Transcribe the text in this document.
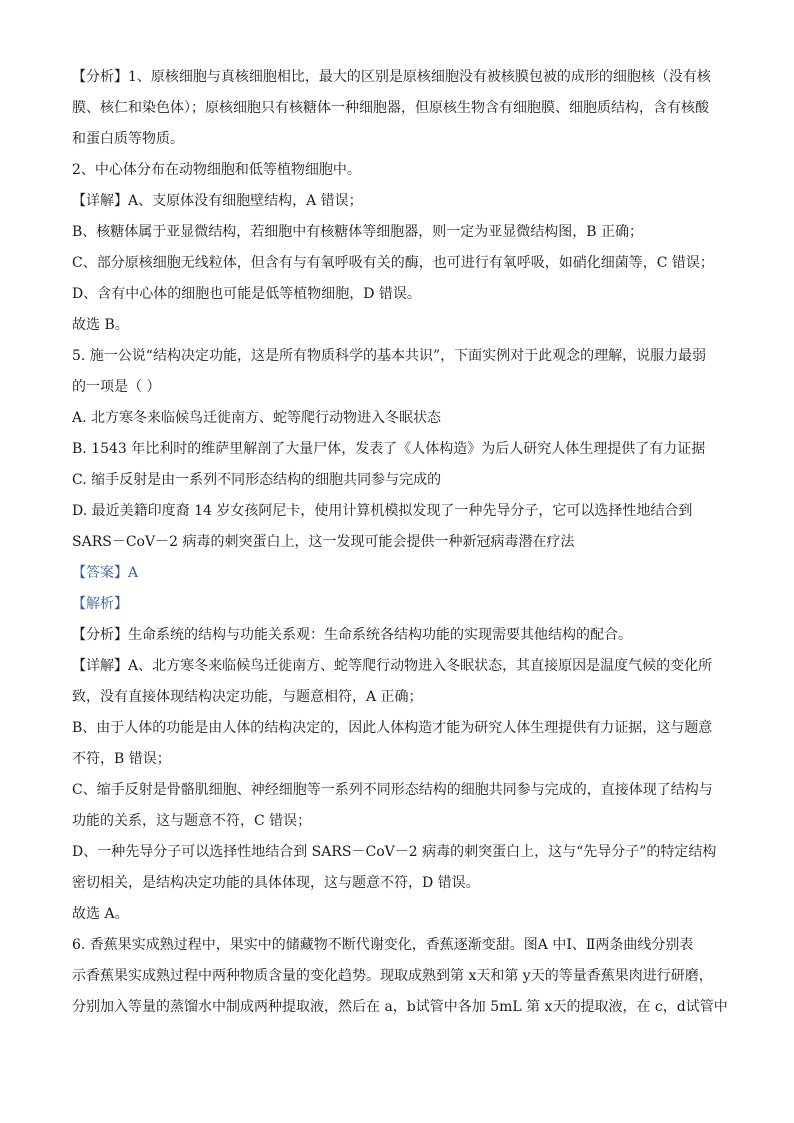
【分析】1、原核细胞与真核细胞相比，最大的区别是原核细胞没有被核膜包被的成形的细胞核（没有核
膜、核仁和染色体）；原核细胞只有核糖体一种细胞器，但原核生物含有细胞膜、细胞质结构，含有核酸
和蛋白质等物质。
2、中心体分布在动物细胞和低等植物细胞中。
【详解】A、支原体没有细胞壁结构，A 错误；
B、核糖体属于亚显微结构，若细胞中有核糖体等细胞器，则一定为亚显微结构图，B 正确；
C、部分原核细胞无线粒体，但含有与有氧呼吸有关的酶，也可进行有氧呼吸，如硝化细菌等，C 错误；
D、含有中心体的细胞也可能是低等植物细胞，D 错误。
故选 B。
5. 施一公说“结构决定功能，这是所有物质科学的基本共识”，下面实例对于此观念的理解，说服力最弱
的一项是（ ）
A. 北方寒冬来临候鸟迁徙南方、蛇等爬行动物进入冬眠状态
B. 1543 年比利时的维萨里解剖了大量尸体，发表了《人体构造》为后人研究人体生理提供了有力证据
C. 缩手反射是由一系列不同形态结构的细胞共同参与完成的
D. 最近美籍印度裔 14 岁女孩阿尼卡，使用计算机模拟发现了一种先导分子，它可以选择性地结合到
SARS－CoV－2 病毒的刺突蛋白上，这一发现可能会提供一种新冠病毒潜在疗法
【答案】A
【解析】
【分析】生命系统的结构与功能关系观：生命系统各结构功能的实现需要其他结构的配合。
【详解】A、北方寒冬来临候鸟迁徙南方、蛇等爬行动物进入冬眠状态，其直接原因是温度气候的变化所
致，没有直接体现结构决定功能，与题意相符，A 正确；
B、由于人体的功能是由人体的结构决定的，因此人体构造才能为研究人体生理提供有力证据，这与题意
不符，B 错误；
C、缩手反射是骨骼肌细胞、神经细胞等一系列不同形态结构的细胞共同参与完成的，直接体现了结构与
功能的关系，这与题意不符，C 错误；
D、一种先导分子可以选择性地结合到 SARS－CoV－2 病毒的刺突蛋白上，这与“先导分子”的特定结构
密切相关，是结构决定功能的具体体现，这与题意不符，D 错误。
故选 A。
6. 香蕉果实成熟过程中，果实中的储藏物不断代谢变化，香蕉逐渐变甜。图A 中Ⅰ、Ⅱ两条曲线分别表
示香蕉果实成熟过程中两种物质含量的变化趋势。现取成熟到第 x天和第 y天的等量香蕉果肉进行研磨，
分别加入等量的蒸馏水中制成两种提取液，然后在 a，b试管中各加 5mL 第 x天的提取液，在 c，d试管中
